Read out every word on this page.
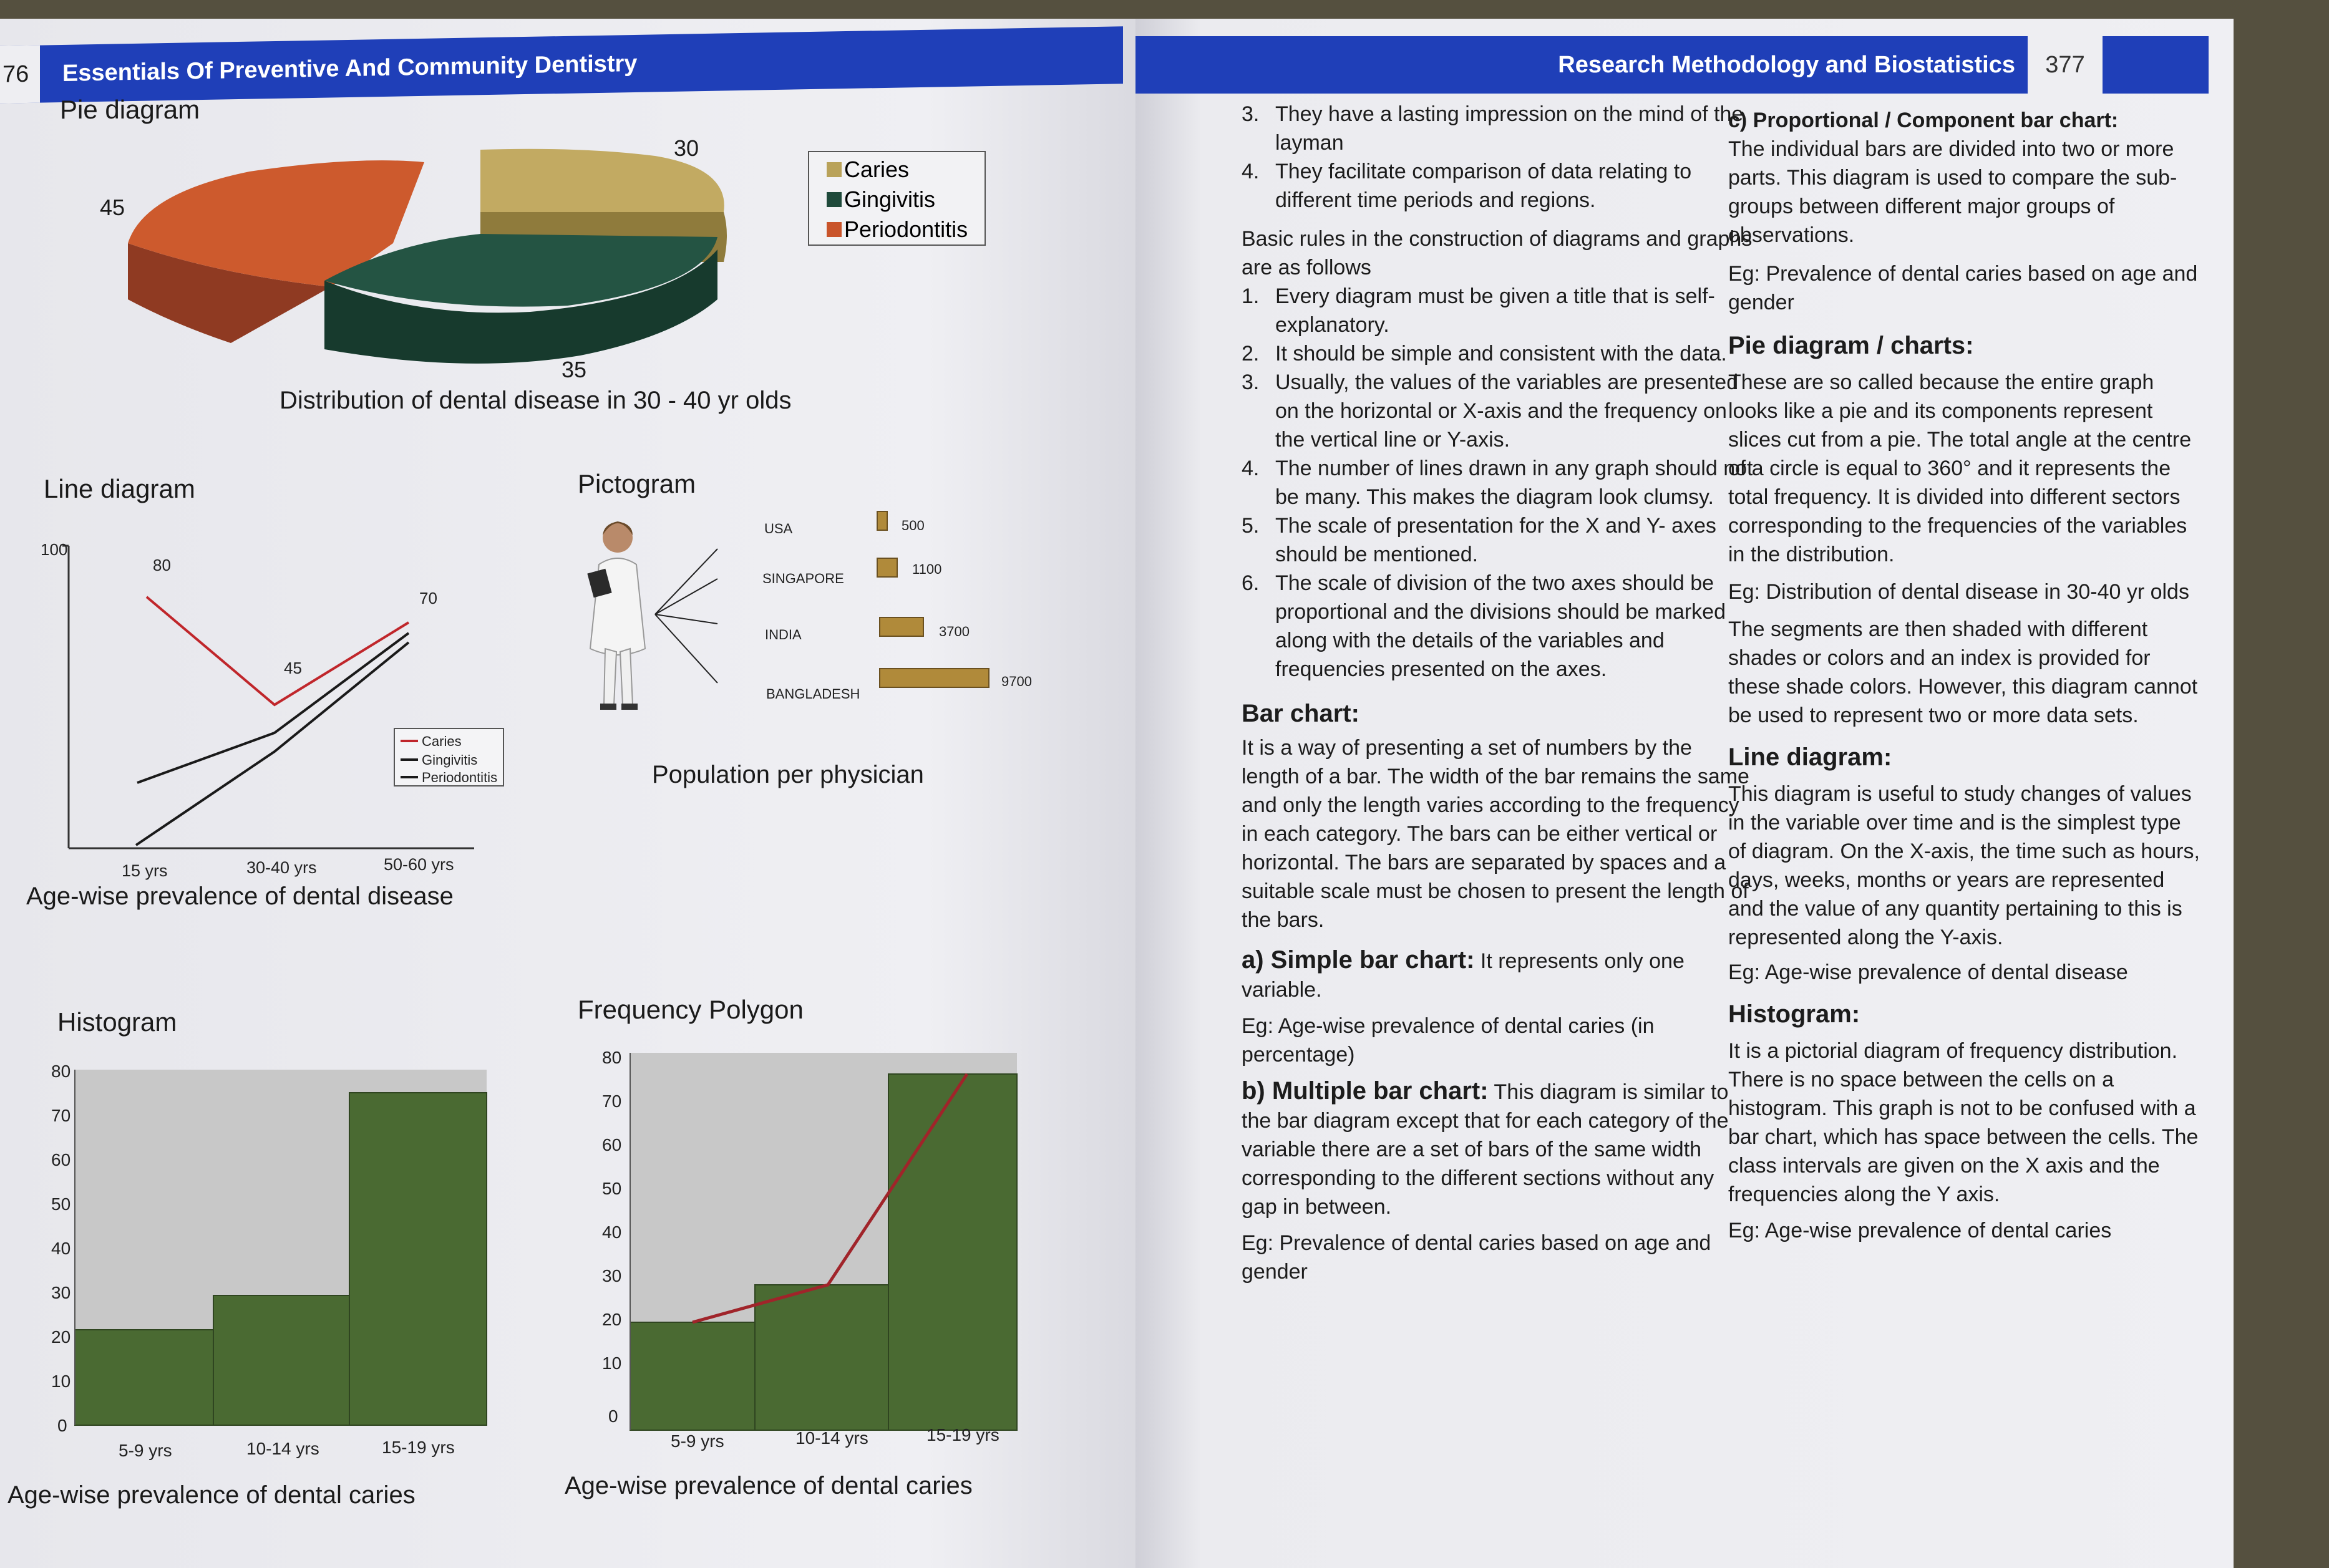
76	Essentials Of Preventive And Community Dentistry
Pie diagram
30
45
35
Caries
Gingivitis
Periodontitis
Distribution of dental disease in 30 - 40 yr olds
Line diagram
100
80
45
70
15 yrs	30-40 yrs	50-60 yrs
Caries
Gingivitis
Periodontitis
Age-wise prevalence of dental disease
Pictogram
USA
SINGAPORE
INDIA
BANGLADESH
500
1100
3700
9700
Population per physician
Histogram
80
70
60
50
40
30
20
10
0
5-9 yrs	10-14 yrs	15-19 yrs
Age-wise prevalence of dental caries
Frequency Polygon
80
70
60
50
40
30
20
10
0
5-9 yrs	10-14 yrs	15-19 yrs
Age-wise prevalence of dental caries
Research Methodology and Biostatistics	377
3. They have a lasting impression on the mind of the layman
4. They facilitate comparison of data relating to different time periods and regions.
Basic rules in the construction of diagrams and graphs are as follows
1. Every diagram must be given a title that is self- explanatory.
2. It should be simple and consistent with the data.
3. Usually, the values of the variables are presented on the horizontal or X-axis and the frequency on the vertical line or Y-axis.
4. The number of lines drawn in any graph should not be many. This makes the diagram look clumsy.
5. The scale of presentation for the X and Y- axes should be mentioned.
6. The scale of division of the two axes should be proportional and the divisions should be marked along with the details of the variables and frequencies presented on the axes.
Bar chart:
It is a way of presenting a set of numbers by the length of a bar. The width of the bar remains the same and only the length varies according to the frequency in each category. The bars can be either vertical or horizontal. The bars are separated by spaces and a suitable scale must be chosen to present the length of the bars.
a) Simple bar chart: It represents only one variable.
Eg: Age-wise prevalence of dental caries (in percentage)
b) Multiple bar chart: This diagram is similar to the bar diagram except that for each category of the variable there are a set of bars of the same width corresponding to the different sections without any gap in between.
Eg: Prevalence of dental caries based on age and gender
c) Proportional / Component bar chart:
The individual bars are divided into two or more parts. This diagram is used to compare the sub-groups between different major groups of observations.
Eg: Prevalence of dental caries based on age and gender
Pie diagram / charts:
These are so called because the entire graph looks like a pie and its components represent slices cut from a pie. The total angle at the centre of a circle is equal to 360° and it represents the total frequency. It is divided into different sectors corresponding to the frequencies of the variables in the distribution.
Eg: Distribution of dental disease in 30-40 yr olds
The segments are then shaded with different shades or colors and an index is provided for these shade colors. However, this diagram cannot be used to represent two or more data sets.
Line diagram:
This diagram is useful to study changes of values in the variable over time and is the simplest type of diagram. On the X-axis, the time such as hours, days, weeks, months or years are represented and the value of any quantity pertaining to this is represented along the Y-axis.
Eg: Age-wise prevalence of dental disease
Histogram:
It is a pictorial diagram of frequency distribution. There is no space between the cells on a histogram. This graph is not to be confused with a bar chart, which has space between the cells. The class intervals are given on the X axis and the frequencies along the Y axis.
Eg: Age-wise prevalence of dental caries
